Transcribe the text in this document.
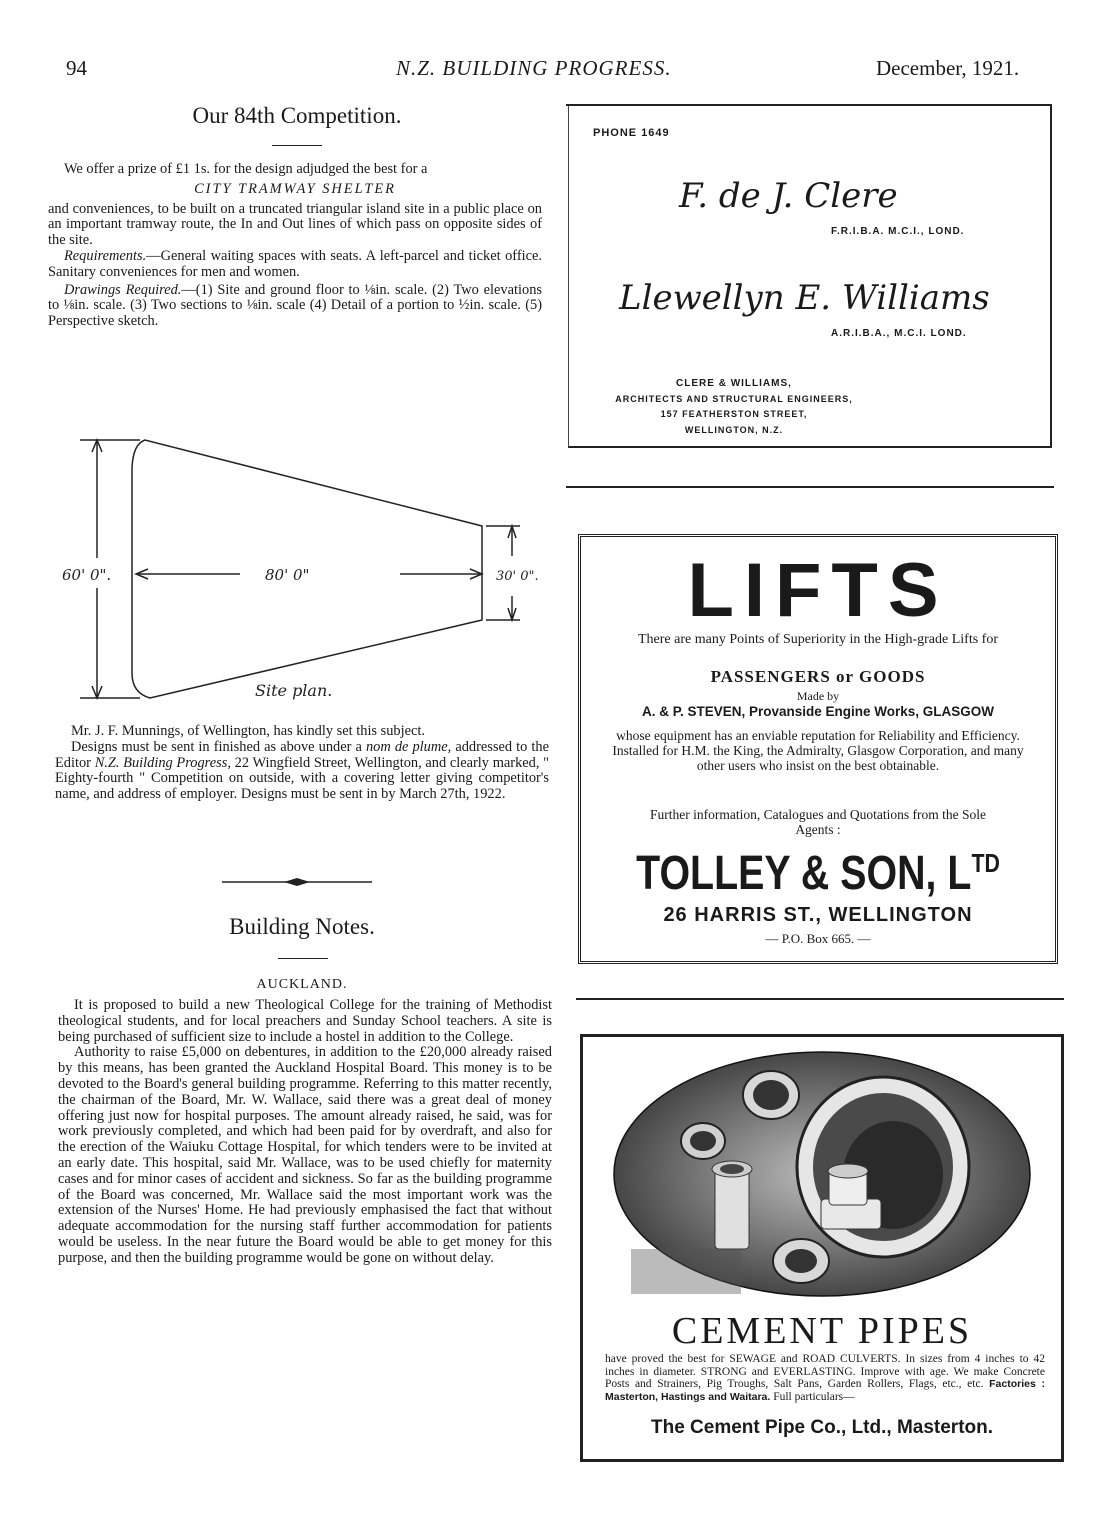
94	N.Z. BUILDING PROGRESS.	December, 1921.
Our 84th Competition.

We offer a prize of £1 1s. for the design adjudged the best for a

CITY TRAMWAY SHELTER

and conveniences, to be built on a truncated triangular island site in a public place on an important tramway route, the In and Out lines of which pass on opposite sides of the site.

Requirements.—General waiting spaces with seats. A left-parcel and ticket office. Sanitary conveniences for men and women.

Drawings Required.—(1) Site and ground floor to ⅛in. scale. (2) Two elevations to ⅛in. scale. (3) Two sections to ⅛in. scale (4) Detail of a portion to ½in. scale. (5) Perspective sketch.

60' 0".	80' 0"	30' 0".
Site plan.

Mr. J. F. Munnings, of Wellington, has kindly set this subject.

Designs must be sent in finished as above under a nom de plume, addressed to the Editor N.Z. Building Progress, 22 Wingfield Street, Wellington, and clearly marked, " Eighty-fourth " Competition on outside, with a covering letter giving competitor's name, and address of employer. Designs must be sent in by March 27th, 1922.

Building Notes.
AUCKLAND.

It is proposed to build a new Theological College for the training of Methodist theological students, and for local preachers and Sunday School teachers. A site is being purchased of sufficient size to include a hostel in addition to the College.

Authority to raise £5,000 on debentures, in addition to the £20,000 already raised by this means, has been granted the Auckland Hospital Board. This money is to be devoted to the Board's general building programme. Referring to this matter recently, the chairman of the Board, Mr. W. Wallace, said there was a great deal of money offering just now for hospital purposes. The amount already raised, he said, was for work previously completed, and which had been paid for by overdraft, and also for the erection of the Waiuku Cottage Hospital, for which tenders were to be invited at an early date. This hospital, said Mr. Wallace, was to be used chiefly for maternity cases and for minor cases of accident and sickness. So far as the building programme of the Board was concerned, Mr. Wallace said the most important work was the extension of the Nurses' Home. He had previously emphasised the fact that without adequate accommodation for the nursing staff further accommodation for patients would be useless. In the near future the Board would be able to get money for this purpose, and then the building programme would be gone on without delay.

PHONE 1649
F. de J. Clere
F.R.I.B.A. M.C.I., LOND.
Llewellyn E. Williams
A.R.I.B.A., M.C.I. LOND.
CLERE & WILLIAMS,
ARCHITECTS AND STRUCTURAL ENGINEERS,
157 FEATHERSTON STREET,
WELLINGTON, N.Z.
LIFTS
There are many Points of Superiority in the High-grade Lifts for
PASSENGERS or GOODS
Made by
A. & P. STEVEN, Provanside Engine Works, GLASGOW
whose equipment has an enviable reputation for Reliability and Efficiency. Installed for H.M. the King, the Admiralty, Glasgow Corporation, and many other users who insist on the best obtainable.
Further information, Catalogues and Quotations from the Sole Agents :
TOLLEY & SON, $L^{TD}$
26 HARRIS ST., WELLINGTON
— P.O. Box 665. —
CEMENT PIPES
have proved the best for SEWAGE and ROAD CULVERTS. In sizes from 4 inches to 42 inches in diameter. STRONG and EVERLASTING. Improve with age. We make Concrete Posts and Strainers, Pig Troughs, Salt Pans, Garden Rollers, Flags, etc., etc. Factories : Masterton, Hastings and Waitara. Full particulars—
The Cement Pipe Co., Ltd., Masterton.
